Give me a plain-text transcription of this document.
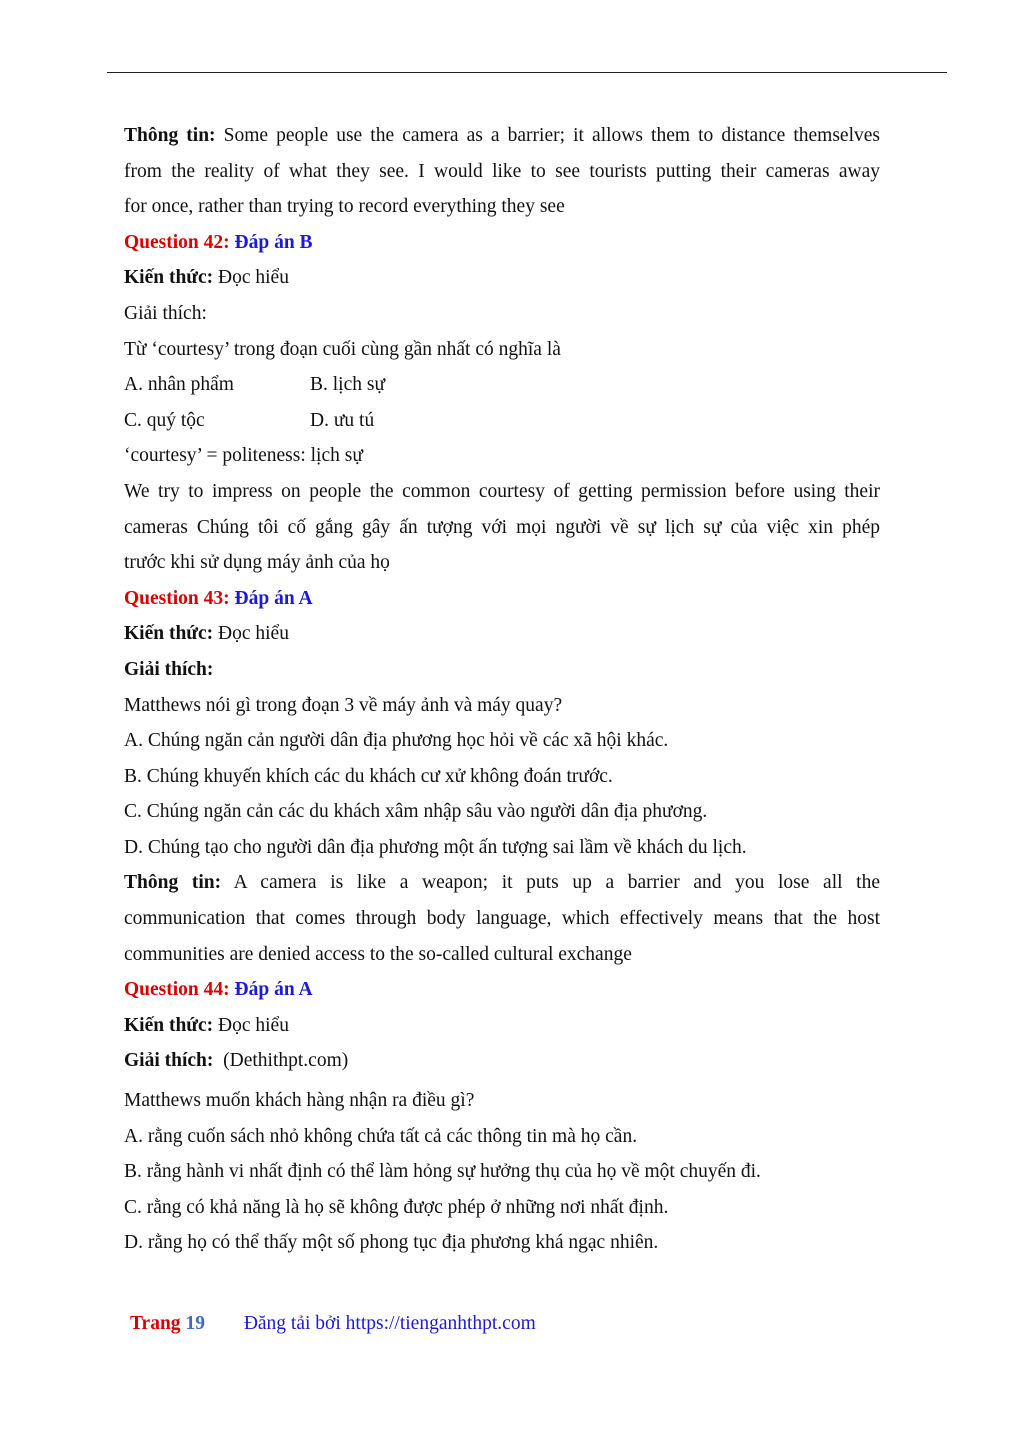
Thông tin: Some people use the camera as a barrier; it allows them to distance themselves
from the reality of what they see. I would like to see tourists putting their cameras away
for once, rather than trying to record everything they see
Question 42: Đáp án B
Kiến thức: Đọc hiểu
Giải thích:
Từ ‘courtesy’ trong đoạn cuối cùng gần nhất có nghĩa là
A. nhân phẩm	B. lịch sự
C. quý tộc	D. ưu tú
‘courtesy’ = politeness: lịch sự
We try to impress on people the common courtesy of getting permission before using their
cameras Chúng tôi cố gắng gây ấn tượng với mọi người về sự lịch sự của việc xin phép
trước khi sử dụng máy ảnh của họ
Question 43: Đáp án A
Kiến thức: Đọc hiểu
Giải thích:
Matthews nói gì trong đoạn 3 về máy ảnh và máy quay?
A. Chúng ngăn cản người dân địa phương học hỏi về các xã hội khác.
B. Chúng khuyến khích các du khách cư xử không đoán trước.
C. Chúng ngăn cản các du khách xâm nhập sâu vào người dân địa phương.
D. Chúng tạo cho người dân địa phương một ấn tượng sai lầm về khách du lịch.
Thông tin: A camera is like a weapon; it puts up a barrier and you lose all the
communication that comes through body language, which effectively means that the host
communities are denied access to the so-called cultural exchange
Question 44: Đáp án A
Kiến thức: Đọc hiểu
Giải thích: (Dethithpt.com)
Matthews muốn khách hàng nhận ra điều gì?
A. rằng cuốn sách nhỏ không chứa tất cả các thông tin mà họ cần.
B. rằng hành vi nhất định có thể làm hỏng sự hưởng thụ của họ về một chuyến đi.
C. rằng có khả năng là họ sẽ không được phép ở những nơi nhất định.
D. rằng họ có thể thấy một số phong tục địa phương khá ngạc nhiên.
Trang 19 Đăng tải bởi https://tienganhthpt.com
